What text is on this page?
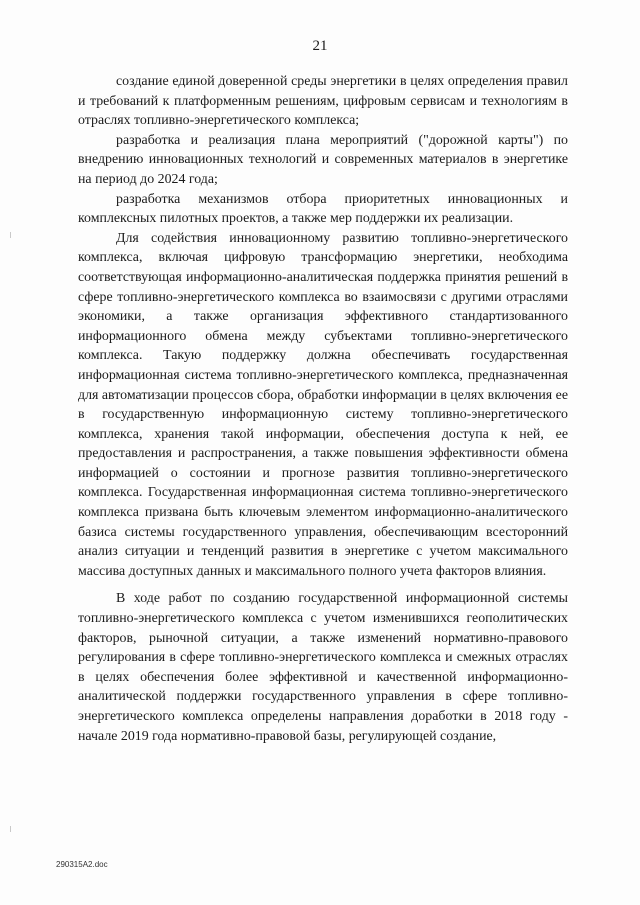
21

создание единой доверенной среды энергетики в целях определения правил и требований к платформенным решениям, цифровым сервисам и технологиям в отраслях топливно-энергетического комплекса;

разработка и реализация плана мероприятий ("дорожной карты") по внедрению инновационных технологий и современных материалов в энергетике на период до 2024 года;

разработка механизмов отбора приоритетных инновационных и комплексных пилотных проектов, а также мер поддержки их реализации.

Для содействия инновационному развитию топливно-энергетического комплекса, включая цифровую трансформацию энергетики, необходима соответствующая информационно-аналитическая поддержка принятия решений в сфере топливно-энергетического комплекса во взаимосвязи с другими отраслями экономики, а также организация эффективного стандартизованного информационного обмена между субъектами топливно-энергетического комплекса. Такую поддержку должна обеспечивать государственная информационная система топливно-энергетического комплекса, предназначенная для автоматизации процессов сбора, обработки информации в целях включения ее в государственную информационную систему топливно-энергетического комплекса, хранения такой информации, обеспечения доступа к ней, ее предоставления и распространения, а также повышения эффективности обмена информацией о состоянии и прогнозе развития топливно-энергетического комплекса. Государственная информационная система топливно-энергетического комплекса призвана быть ключевым элементом информационно-аналитического базиса системы государственного управления, обеспечивающим всесторонний анализ ситуации и тенденций развития в энергетике с учетом максимального массива доступных данных и максимального полного учета факторов влияния.

В ходе работ по созданию государственной информационной системы топливно-энергетического комплекса с учетом изменившихся геополитических факторов, рыночной ситуации, а также изменений нормативно-правового регулирования в сфере топливно-энергетического комплекса и смежных отраслях в целях обеспечения более эффективной и качественной информационно-аналитической поддержки государственного управления в сфере топливно-энергетического комплекса определены направления доработки в 2018 году - начале 2019 года нормативно-правовой базы, регулирующей создание,

290315A2.doc
